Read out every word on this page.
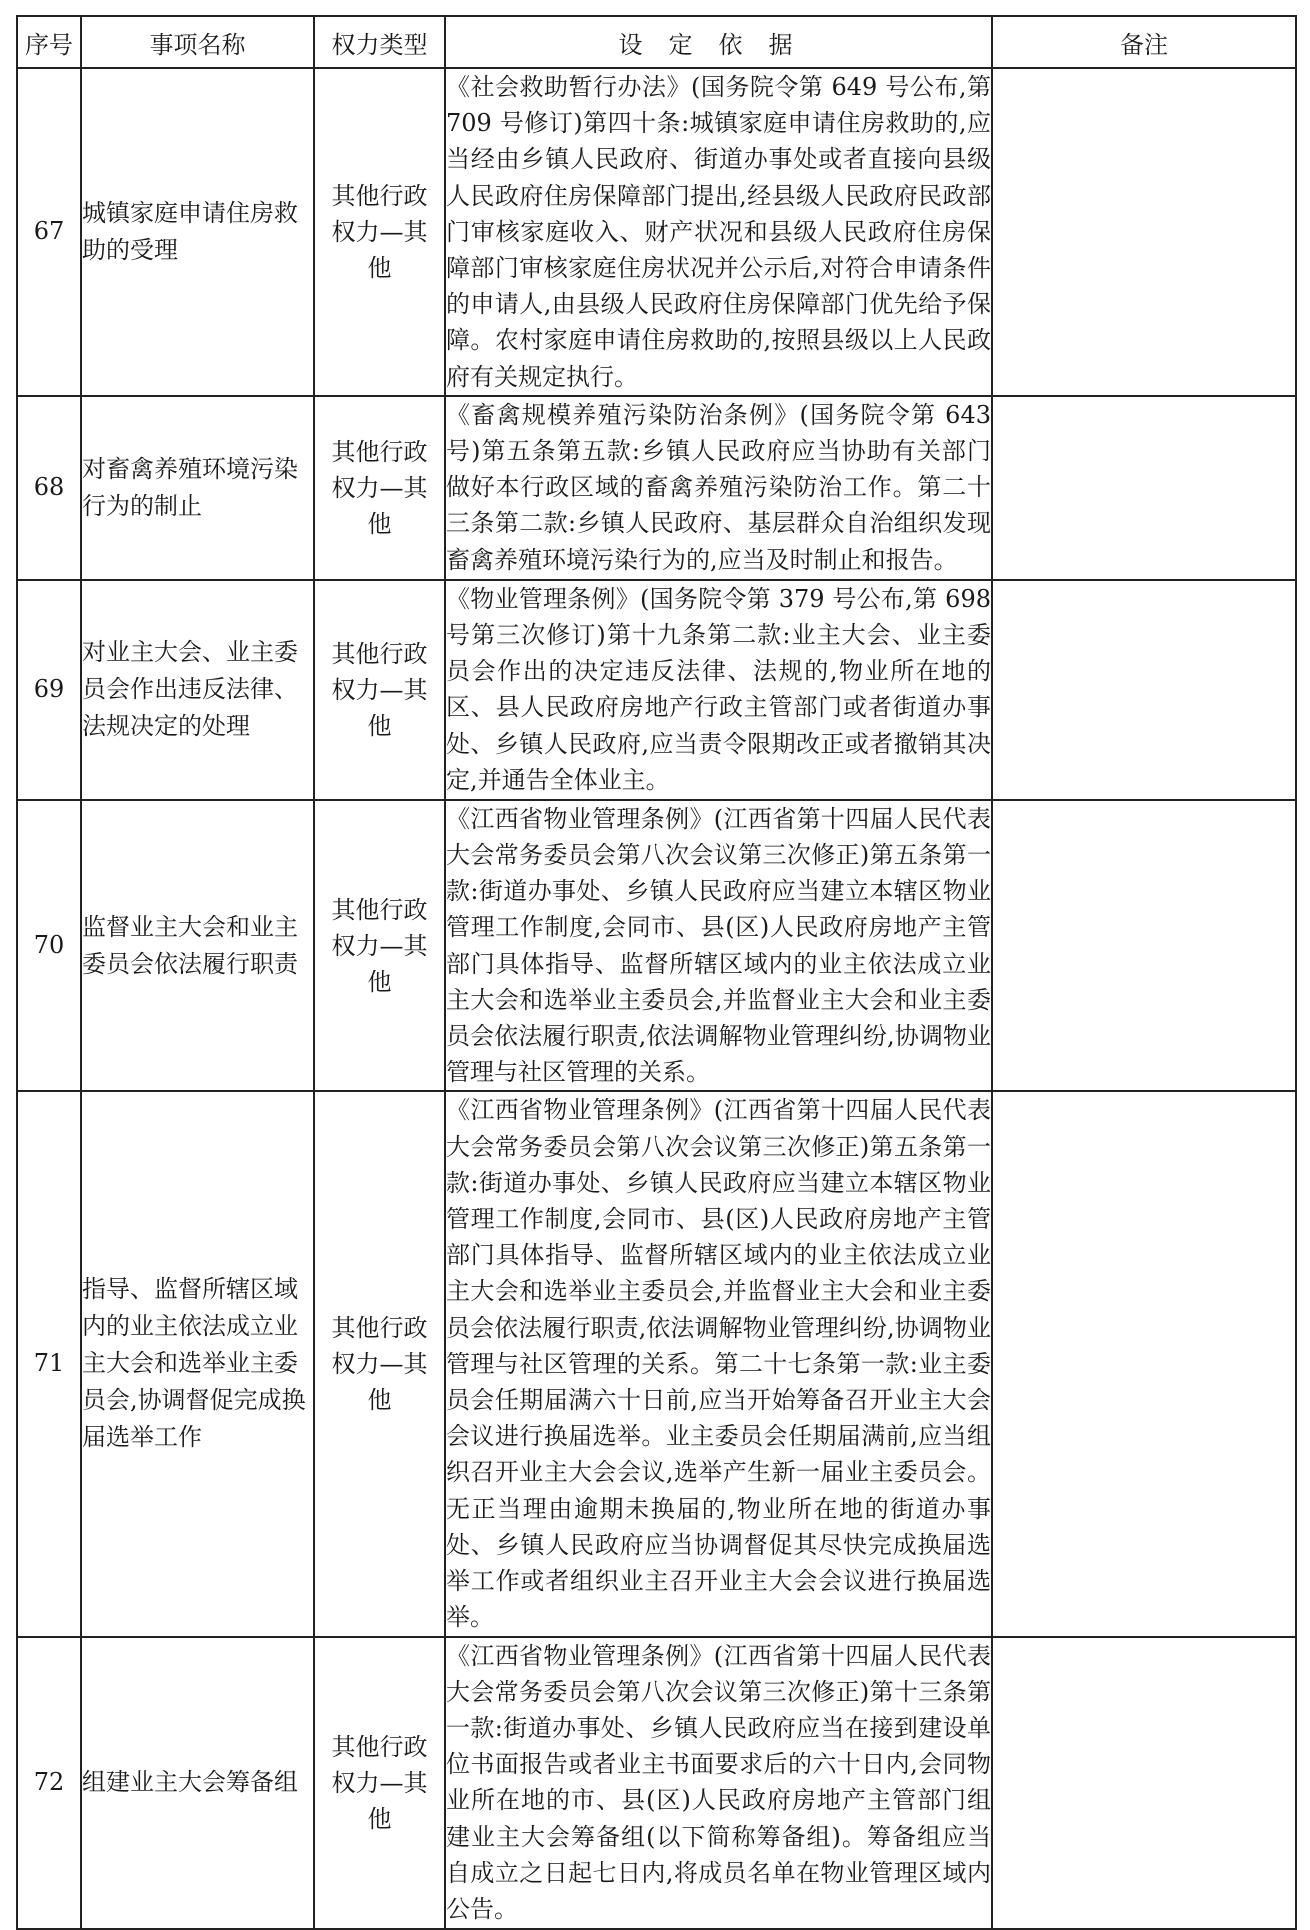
序号	事项名称	权力类型	设定依据	备注
67	城镇家庭申请住房救助的受理	其他行政权力—其他	《社会救助暂行办法》(国务院令第 649 号公布,第 709 号修订)第四十条:城镇家庭申请住房救助的,应当经由乡镇人民政府、街道办事处或者直接向县级人民政府住房保障部门提出,经县级人民政府民政部门审核家庭收入、财产状况和县级人民政府住房保障部门审核家庭住房状况并公示后,对符合申请条件的申请人,由县级人民政府住房保障部门优先给予保障。农村家庭申请住房救助的,按照县级以上人民政府有关规定执行。	
68	对畜禽养殖环境污染行为的制止	其他行政权力—其他	《畜禽规模养殖污染防治条例》(国务院令第 643 号)第五条第五款:乡镇人民政府应当协助有关部门做好本行政区域的畜禽养殖污染防治工作。第二十三条第二款:乡镇人民政府、基层群众自治组织发现畜禽养殖环境污染行为的,应当及时制止和报告。	
69	对业主大会、业主委员会作出违反法律、法规决定的处理	其他行政权力—其他	《物业管理条例》(国务院令第 379 号公布,第 698 号第三次修订)第十九条第二款:业主大会、业主委员会作出的决定违反法律、法规的,物业所在地的区、县人民政府房地产行政主管部门或者街道办事处、乡镇人民政府,应当责令限期改正或者撤销其决定,并通告全体业主。	
70	监督业主大会和业主委员会依法履行职责	其他行政权力—其他	《江西省物业管理条例》(江西省第十四届人民代表大会常务委员会第八次会议第三次修正)第五条第一款:街道办事处、乡镇人民政府应当建立本辖区物业管理工作制度,会同市、县(区)人民政府房地产主管部门具体指导、监督所辖区域内的业主依法成立业主大会和选举业主委员会,并监督业主大会和业主委员会依法履行职责,依法调解物业管理纠纷,协调物业管理与社区管理的关系。	
71	指导、监督所辖区域内的业主依法成立业主大会和选举业主委员会,协调督促完成换届选举工作	其他行政权力—其他	《江西省物业管理条例》(江西省第十四届人民代表大会常务委员会第八次会议第三次修正)第五条第一款:街道办事处、乡镇人民政府应当建立本辖区物业管理工作制度,会同市、县(区)人民政府房地产主管部门具体指导、监督所辖区域内的业主依法成立业主大会和选举业主委员会,并监督业主大会和业主委员会依法履行职责,依法调解物业管理纠纷,协调物业管理与社区管理的关系。第二十七条第一款:业主委员会任期届满六十日前,应当开始筹备召开业主大会会议进行换届选举。业主委员会任期届满前,应当组织召开业主大会会议,选举产生新一届业主委员会。无正当理由逾期未换届的,物业所在地的街道办事处、乡镇人民政府应当协调督促其尽快完成换届选举工作或者组织业主召开业主大会会议进行换届选举。	
72	组建业主大会筹备组	其他行政权力—其他	《江西省物业管理条例》(江西省第十四届人民代表大会常务委员会第八次会议第三次修正)第十三条第一款:街道办事处、乡镇人民政府应当在接到建设单位书面报告或者业主书面要求后的六十日内,会同物业所在地的市、县(区)人民政府房地产主管部门组建业主大会筹备组(以下简称筹备组)。筹备组应当自成立之日起七日内,将成员名单在物业管理区域内公告。	
